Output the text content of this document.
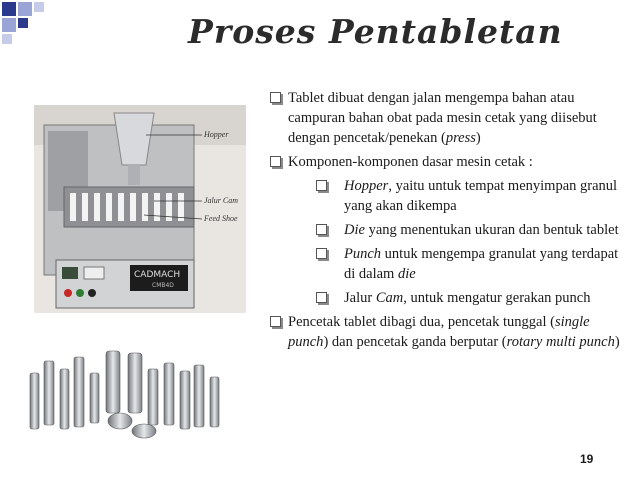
Proses Pentabletan
CADMACH
CMB4D
Hopper
Jalur Cam
Feed Shoe
Tablet dibuat dengan jalan mengempa bahan atau campuran bahan obat pada mesin cetak yang diisebut dengan pencetak/penekan (press)
Komponen-komponen dasar mesin cetak :
Hopper, yaitu untuk tempat menyimpan granul yang akan dikempa
Die yang menentukan ukuran dan bentuk tablet
Punch untuk mengempa granulat yang terdapat di dalam die
Jalur Cam, untuk mengatur gerakan punch
Pencetak tablet dibagi dua, pencetak tunggal (single punch) dan pencetak ganda berputar (rotary multi punch)
19
